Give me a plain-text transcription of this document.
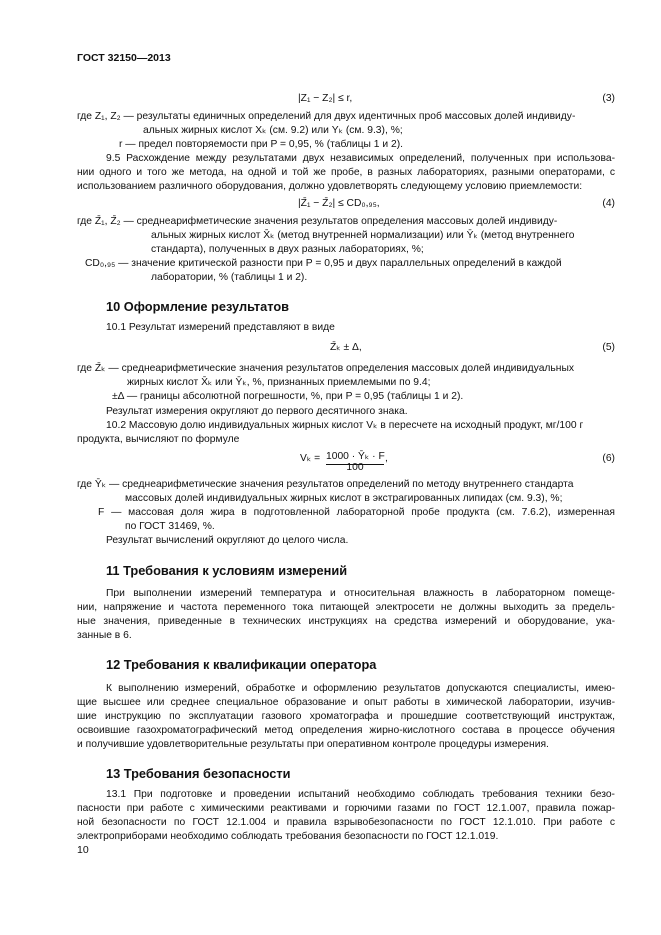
ГОСТ 32150—2013
|Z₁ − Z₂| ≤ r,	(3)
где Z₁, Z₂ — результаты единичных определений для двух идентичных проб массовых долей индивиду-
альных жирных кислот Xₖ (см. 9.2) или Yₖ (см. 9.3), %;
r — предел повторяемости при P = 0,95, % (таблицы 1 и 2).
9.5 Расхождение между результатами двух независимых определений, полученных при использова-
нии одного и того же метода, на одной и той же пробе, в разных лабораториях, разными операторами, с
использованием различного оборудования, должно удовлетворять следующему условию приемлемости:
|Z̄₁ − Z̄₂| ≤ CD₀,₉₅,	(4)
где Z̄₁, Z̄₂ — среднеарифметические значения результатов определения массовых долей индивиду-
альных жирных кислот X̄ₖ (метод внутренней нормализации) или Ȳₖ (метод внутреннего
стандарта), полученных в двух разных лабораториях, %;
CD₀,₉₅ — значение критической разности при P = 0,95 и двух параллельных определений в каждой
лаборатории, % (таблицы 1 и 2).
10 Оформление результатов
10.1 Результат измерений представляют в виде
Z̄ₖ ± Δ,	(5)
где Z̄ₖ — среднеарифметические значения результатов определения массовых долей индивидуальных
жирных кислот X̄ₖ или Ȳₖ, %, признанных приемлемыми по 9.4;
±Δ — границы абсолютной погрешности, %, при P = 0,95 (таблицы 1 и 2).
Результат измерения округляют до первого десятичного знака.
10.2 Массовую долю индивидуальных жирных кислот Vₖ в пересчете на исходный продукт, мг/100 г
продукта, вычисляют по формуле
Vₖ = 1000 · Ȳₖ · F
100
,	(6)
где Ȳₖ — среднеарифметические значения результатов определений по методу внутреннего стандарта
массовых долей индивидуальных жирных кислот в экстрагированных липидах (см. 9.3), %;
F — массовая доля жира в подготовленной лабораторной пробе продукта (см. 7.6.2), измеренная
по ГОСТ 31469, %.
Результат вычислений округляют до целого числа.
11 Требования к условиям измерений
При выполнении измерений температура и относительная влажность в лабораторном помеще-
нии, напряжение и частота переменного тока питающей электросети не должны выходить за предель-
ные значения, приведенные в технических инструкциях на средства измерений и оборудование, ука-
занные в 6.
12 Требования к квалификации оператора
К выполнению измерений, обработке и оформлению результатов допускаются специалисты, имею-
щие высшее или среднее специальное образование и опыт работы в химической лаборатории, изучив-
шие инструкцию по эксплуатации газового хроматографа и прошедшие соответствующий инструктаж,
освоившие газохроматографический метод определения жирно-кислотного состава в процессе обучения
и получившие удовлетворительные результаты при оперативном контроле процедуры измерения.
13 Требования безопасности
13.1 При подготовке и проведении испытаний необходимо соблюдать требования техники безо-
пасности при работе с химическими реактивами и горючими газами по ГОСТ 12.1.007, правила пожар-
ной безопасности по ГОСТ 12.1.004 и правила взрывобезопасности по ГОСТ 12.1.010. При работе с
электроприборами необходимо соблюдать требования безопасности по ГОСТ 12.1.019.
10
